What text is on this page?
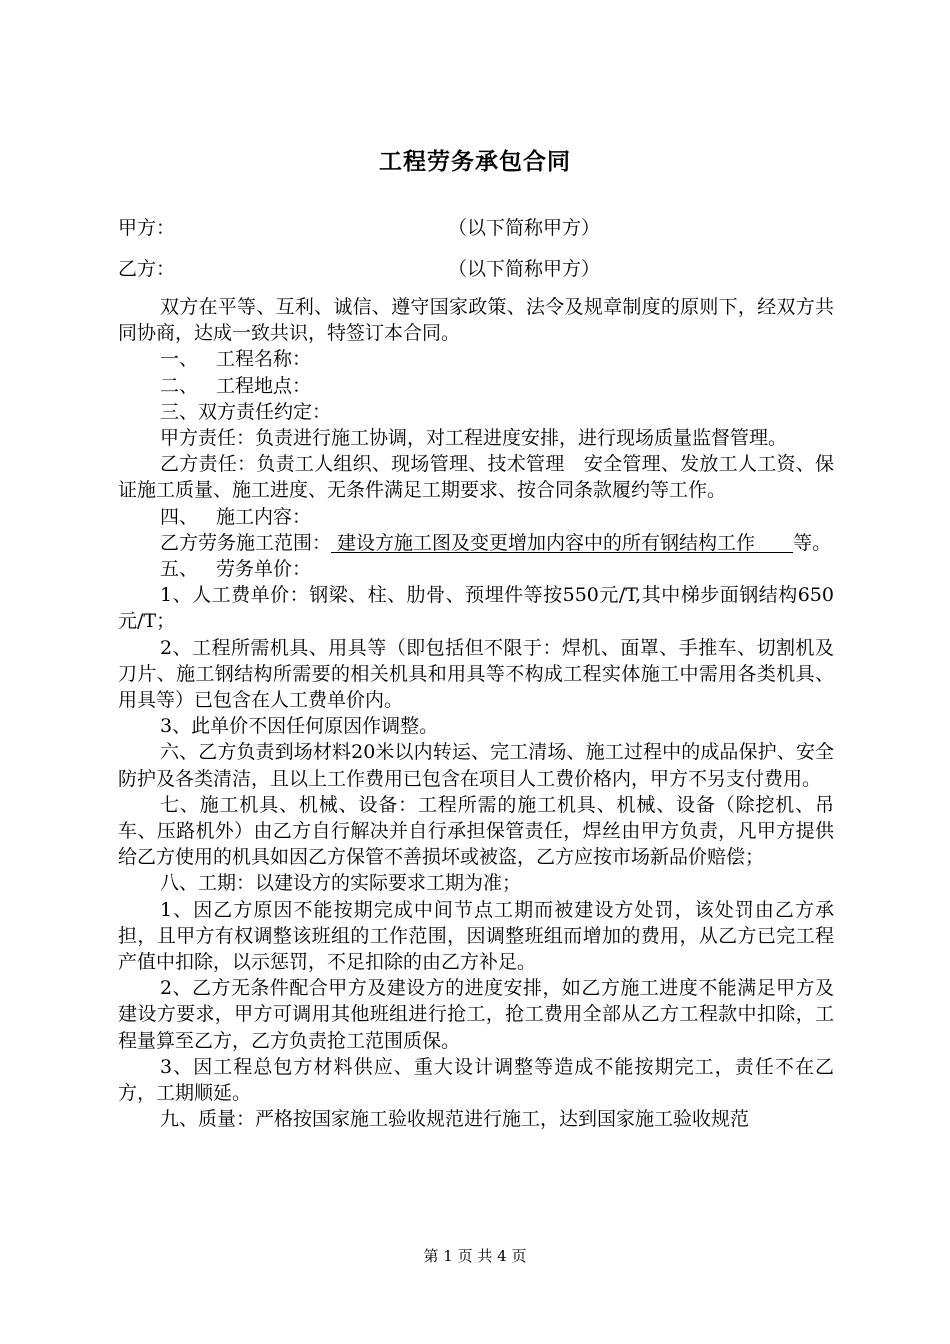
工程劳务承包合同
甲方：	（以下简称甲方）
乙方：	（以下简称甲方）

双方在平等、互利、诚信、遵守国家政策、法令及规章制度的原则下，经双方共同协商，达成一致共识，特签订本合同。

一、 工程名称：

二、 工程地点：

三、双方责任约定：

甲方责任：负责进行施工协调，对工程进度安排，进行现场质量监督管理。

乙方责任：负责工人组织、现场管理、技术管理　安全管理、发放工人工资、保证施工质量、施工进度、无条件满足工期要求、按合同条款履约等工作。

四、 施工内容：

乙方劳务施工范围： 建设方施工图及变更增加内容中的所有钢结构工作　　等。

五、 劳务单价：

1、人工费单价：钢梁、柱、肋骨、预埋件等按550元/T,其中梯步面钢结构650元/T；

2、工程所需机具、用具等（即包括但不限于：焊机、面罩、手推车、切割机及刀片、施工钢结构所需要的相关机具和用具等不构成工程实体施工中需用各类机具、用具等）已包含在人工费单价内。

3、此单价不因任何原因作调整。

六、乙方负责到场材料20米以内转运、完工清场、施工过程中的成品保护、安全防护及各类清洁，且以上工作费用已包含在项目人工费价格内，甲方不另支付费用。

七、施工机具、机械、设备：工程所需的施工机具、机械、设备（除挖机、吊车、压路机外）由乙方自行解决并自行承担保管责任，焊丝由甲方负责，凡甲方提供给乙方使用的机具如因乙方保管不善损坏或被盗，乙方应按市场新品价赔偿；

八、工期：以建设方的实际要求工期为准；

1、因乙方原因不能按期完成中间节点工期而被建设方处罚，该处罚由乙方承担，且甲方有权调整该班组的工作范围，因调整班组而增加的费用，从乙方已完工程产值中扣除，以示惩罚，不足扣除的由乙方补足。

2、乙方无条件配合甲方及建设方的进度安排，如乙方施工进度不能满足甲方及建设方要求，甲方可调用其他班组进行抢工，抢工费用全部从乙方工程款中扣除，工程量算至乙方，乙方负责抢工范围质保。

3、因工程总包方材料供应、重大设计调整等造成不能按期完工，责任不在乙方，工期顺延。

九、质量：严格按国家施工验收规范进行施工，达到国家施工验收规范

第 1 页 共 4 页
